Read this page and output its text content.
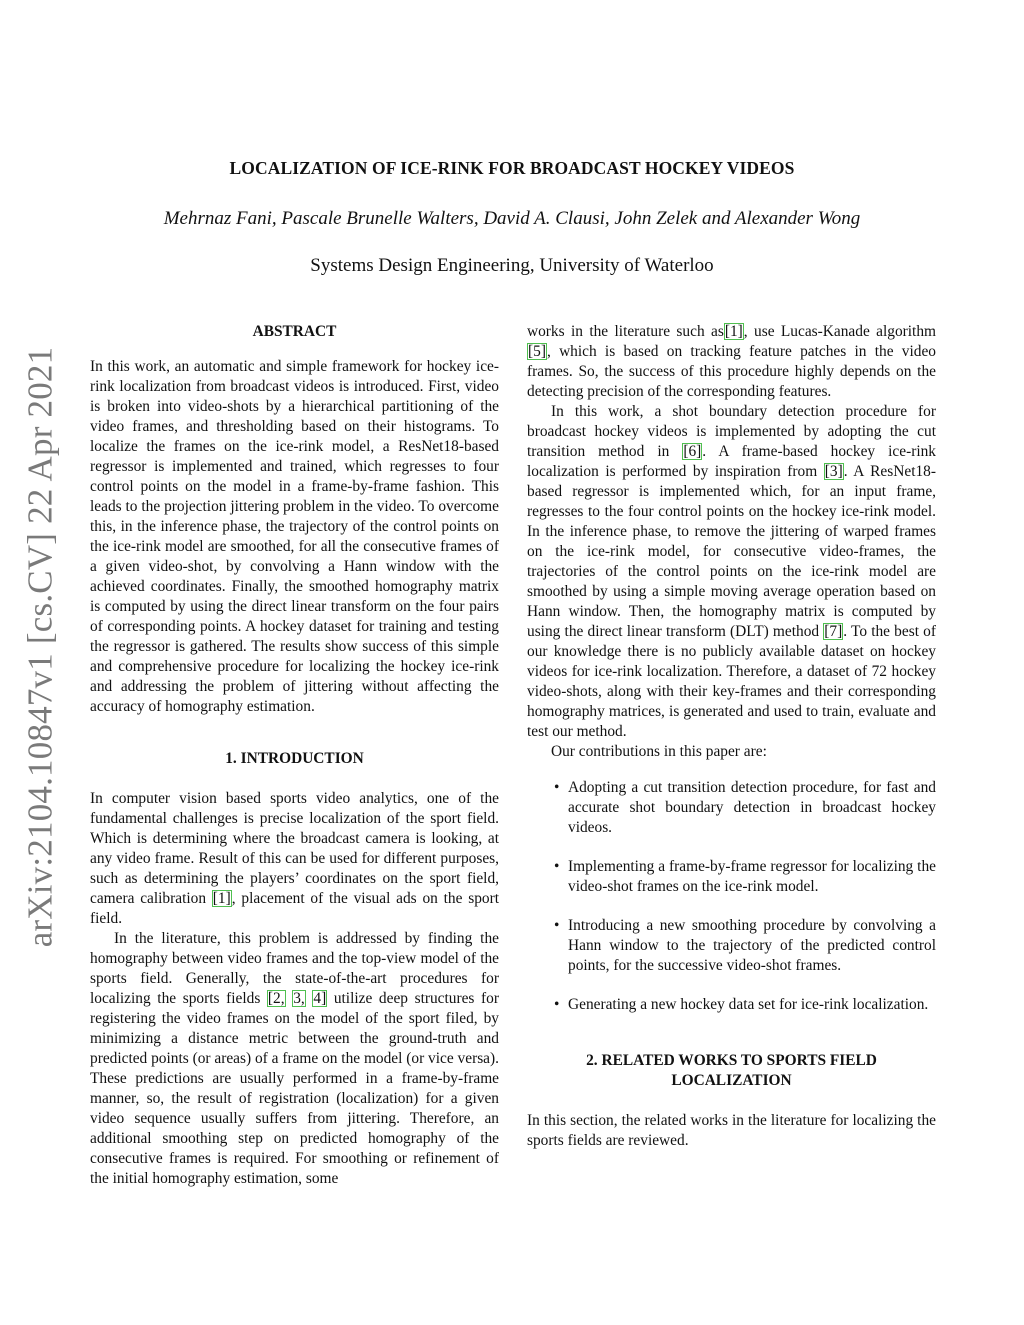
arXiv:2104.10847v1 [cs.CV] 22 Apr 2021
LOCALIZATION OF ICE-RINK FOR BROADCAST HOCKEY VIDEOS
Mehrnaz Fani, Pascale Brunelle Walters, David A. Clausi, John Zelek and Alexander Wong
Systems Design Engineering, University of Waterloo
ABSTRACT

In this work, an automatic and simple framework for hockey ice-rink localization from broadcast videos is introduced. First, video is broken into video-shots by a hierarchical partitioning of the video frames, and thresholding based on their histograms. To localize the frames on the ice-rink model, a ResNet18-based regressor is implemented and trained, which regresses to four control points on the model in a frame-by-frame fashion. This leads to the projection jittering problem in the video. To overcome this, in the inference phase, the trajectory of the control points on the ice-rink model are smoothed, for all the consecutive frames of a given video-shot, by convolving a Hann window with the achieved coordinates. Finally, the smoothed homography matrix is computed by using the direct linear transform on the four pairs of corresponding points. A hockey dataset for training and testing the regressor is gathered. The results show success of this simple and comprehensive procedure for localizing the hockey ice-rink and addressing the problem of jittering without affecting the accuracy of homography estimation.

1. INTRODUCTION

In computer vision based sports video analytics, one of the fundamental challenges is precise localization of the sport field. Which is determining where the broadcast camera is looking, at any video frame. Result of this can be used for different purposes, such as determining the players’ coordinates on the sport field, camera calibration [1], placement of the visual ads on the sport field.

In the literature, this problem is addressed by finding the homography between video frames and the top-view model of the sports field. Generally, the state-of-the-art procedures for localizing the sports fields [2, 3, 4] utilize deep structures for registering the video frames on the model of the sport filed, by minimizing a distance metric between the ground-truth and predicted points (or areas) of a frame on the model (or vice versa). These predictions are usually performed in a frame-by-frame manner, so, the result of registration (localization) for a given video sequence usually suffers from jittering. Therefore, an additional smoothing step on predicted homography of the consecutive frames is required. For smoothing or refinement of the initial homography estimation, some

works in the literature such as[1], use Lucas-Kanade algorithm [5], which is based on tracking feature patches in the video frames. So, the success of this procedure highly depends on the detecting precision of the corresponding features.

In this work, a shot boundary detection procedure for broadcast hockey videos is implemented by adopting the cut transition method in [6]. A frame-based hockey ice-rink localization is performed by inspiration from [3]. A ResNet18-based regressor is implemented which, for an input frame, regresses to the four control points on the hockey ice-rink model. In the inference phase, to remove the jittering of warped frames on the ice-rink model, for consecutive video-frames, the trajectories of the control points on the ice-rink model are smoothed by using a simple moving average operation based on Hann window. Then, the homography matrix is computed by using the direct linear transform (DLT) method [7]. To the best of our knowledge there is no publicly available dataset on hockey videos for ice-rink localization. Therefore, a dataset of 72 hockey video-shots, along with their key-frames and their corresponding homography matrices, is generated and used to train, evaluate and test our method.

Our contributions in this paper are:

• Adopting a cut transition detection procedure, for fast and accurate shot boundary detection in broadcast hockey videos.
• Implementing a frame-by-frame regressor for localizing the video-shot frames on the ice-rink model.
• Introducing a new smoothing procedure by convolving a Hann window to the trajectory of the predicted control points, for the successive video-shot frames.
• Generating a new hockey data set for ice-rink localization.
2. RELATED WORKS TO SPORTS FIELD
LOCALIZATION

In this section, the related works in the literature for localizing the sports fields are reviewed.
